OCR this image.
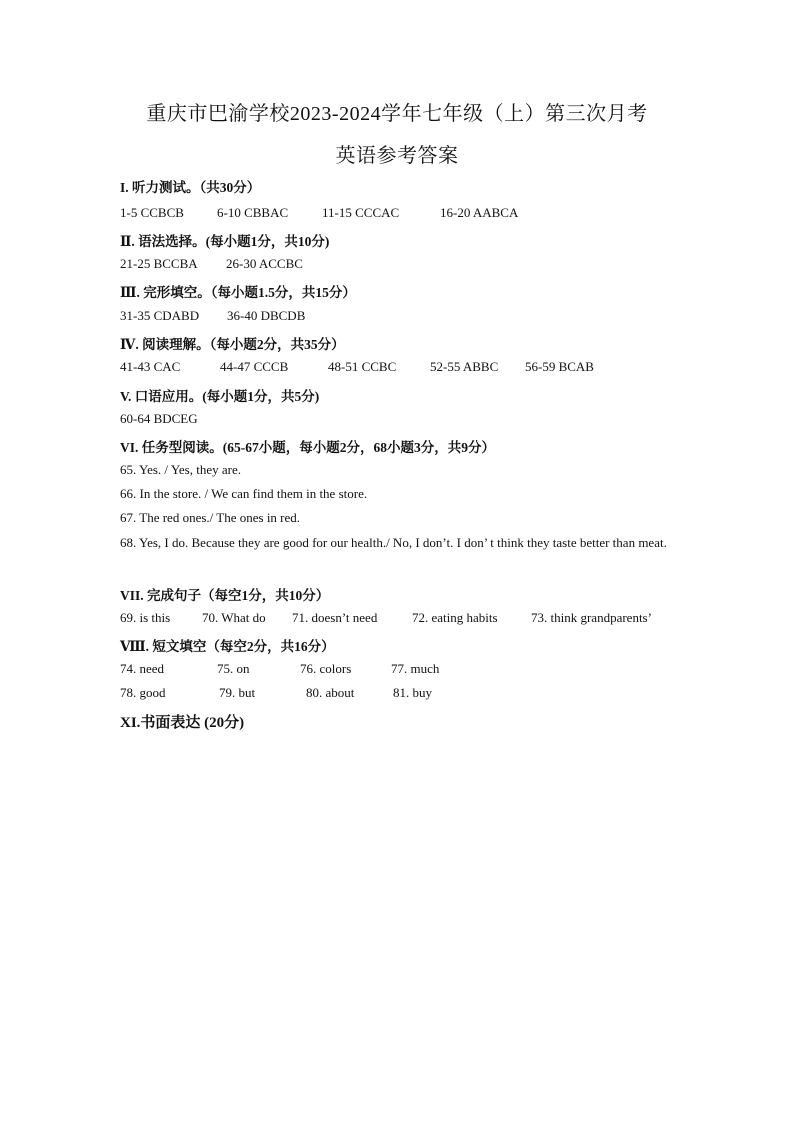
重庆市巴渝学校2023-2024学年七年级（上）第三次月考
英语参考答案
I. 听力测试。（共30分）
1-5 CCBCB	6-10 CBBAC	11-15 CCCAC	16-20 AABCA
Ⅱ. 语法选择。(每小题1分，共10分)
21-25 BCCBA 26-30 ACCBC
Ⅲ. 完形填空。（每小题1.5分，共15分）
31-35 CDABD 36-40 DBCDB
Ⅳ. 阅读理解。（每小题2分，共35分）
41-43 CAC	44-47 CCCB	48-51 CCBC	52-55 ABBC 56-59 BCAB
V. 口语应用。(每小题1分，共5分)
60-64 BDCEG
VI. 任务型阅读。(65-67小题，每小题2分，68小题3分，共9分）
65. Yes. / Yes, they are.
66. In the store. / We can find them in the store.
67. The red ones./ The ones in red.
68. Yes, I do. Because they are good for our health./ No, I don’t. I don’ t think they taste better than meat.
VII. 完成句子（每空1分，共10分）
69. is this 70. What do 71. doesn’t need	72. eating habits	73. think grandparents’
Ⅷ. 短文填空（每空2分，共16分）
74. need	75. on	76. colors	77. much
78. good	79. but	80. about	81. buy
XI.书面表达 (20分)
